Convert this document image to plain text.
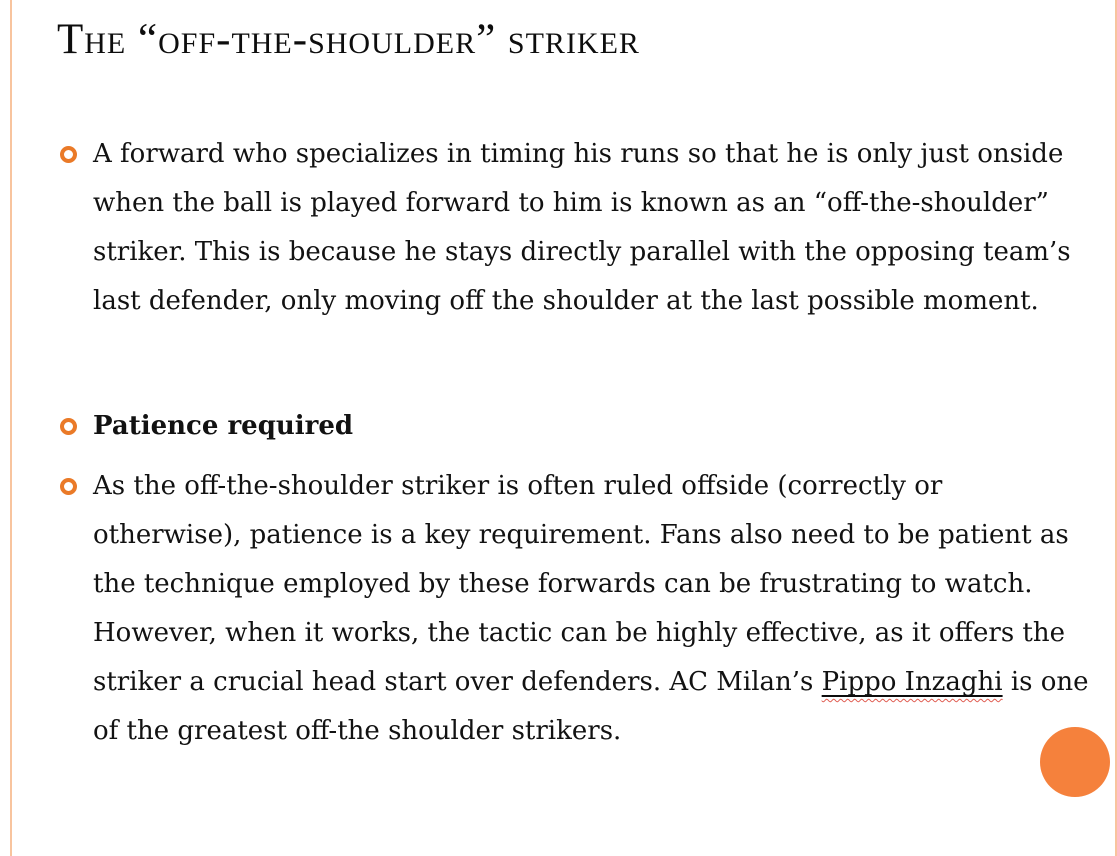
The “off-the-shoulder” striker
A forward who specializes in timing his runs so that he is only just onside when the ball is played forward to him is known as an “off-the-shoulder” striker. This is because he stays directly parallel with the opposing team’s last defender, only moving off the shoulder at the last possible moment.
Patience required
As the off-the-shoulder striker is often ruled offside (correctly or otherwise), patience is a key requirement. Fans also need to be patient as the technique employed by these forwards can be frustrating to watch. However, when it works, the tactic can be highly effective, as it offers the striker a crucial head start over defenders. AC Milan’s Pippo Inzaghi is one of the greatest off-the shoulder strikers.
